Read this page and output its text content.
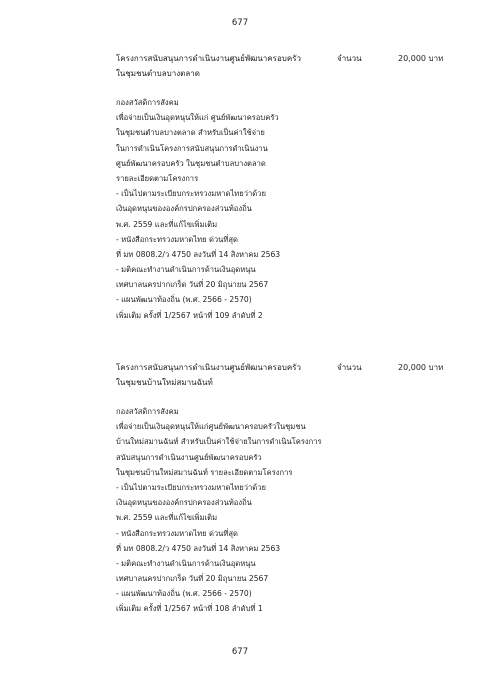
677
โครงการสนับสนุนการดำเนินงานศูนย์พัฒนาครอบครัว
ในชุมชนตำบลบางตลาด
จำนวน	20,000 บาท
กองสวัสดิการสังคม
เพื่อจ่ายเป็นเงินอุดหนุนให้แก่ ศูนย์พัฒนาครอบครัว
ในชุมชนตำบลบางตลาด สำหรับเป็นค่าใช้จ่าย
ในการดำเนินโครงการสนับสนุนการดำเนินงาน
ศูนย์พัฒนาครอบครัว ในชุมชนตำบลบางตลาด
รายละเอียดตามโครงการ
- เป็นไปตามระเบียบกระทรวงมหาดไทยว่าด้วย
เงินอุดหนุนขององค์กรปกครองส่วนท้องถิ่น
พ.ศ. 2559 และที่แก้ไขเพิ่มเติม
- หนังสือกระทรวงมหาดไทย ด่วนที่สุด
ที่ มท 0808.2/ว 4750 ลงวันที่ 14 สิงหาคม 2563
- มติคณะทำงานดำเนินการด้านเงินอุดหนุน
เทศบาลนครปากเกร็ด วันที่ 20 มิถุนายน 2567
- แผนพัฒนาท้องถิ่น (พ.ศ. 2566 - 2570)
เพิ่มเติม ครั้งที่ 1/2567 หน้าที่ 109 ลำดับที่ 2
โครงการสนับสนุนการดำเนินงานศูนย์พัฒนาครอบครัว
ในชุมชนบ้านใหม่สมานฉันท์
จำนวน	20,000 บาท
กองสวัสดิการสังคม
เพื่อจ่ายเป็นเงินอุดหนุนให้แก่ศูนย์พัฒนาครอบครัวในชุมชน
บ้านใหม่สมานฉันท์ สำหรับเป็นค่าใช้จ่ายในการดำเนินโครงการ
สนับสนุนการดำเนินงานศูนย์พัฒนาครอบครัว
ในชุมชนบ้านใหม่สมานฉันท์ รายละเอียดตามโครงการ
- เป็นไปตามระเบียบกระทรวงมหาดไทยว่าด้วย
เงินอุดหนุนขององค์กรปกครองส่วนท้องถิ่น
พ.ศ. 2559 และที่แก้ไขเพิ่มเติม
- หนังสือกระทรวงมหาดไทย ด่วนที่สุด
ที่ มท 0808.2/ว 4750 ลงวันที่ 14 สิงหาคม 2563
- มติคณะทำงานดำเนินการด้านเงินอุดหนุน
เทศบาลนครปากเกร็ด วันที่ 20 มิถุนายน 2567
- แผนพัฒนาท้องถิ่น (พ.ศ. 2566 - 2570)
เพิ่มเติม ครั้งที่ 1/2567 หน้าที่ 108 ลำดับที่ 1
677
